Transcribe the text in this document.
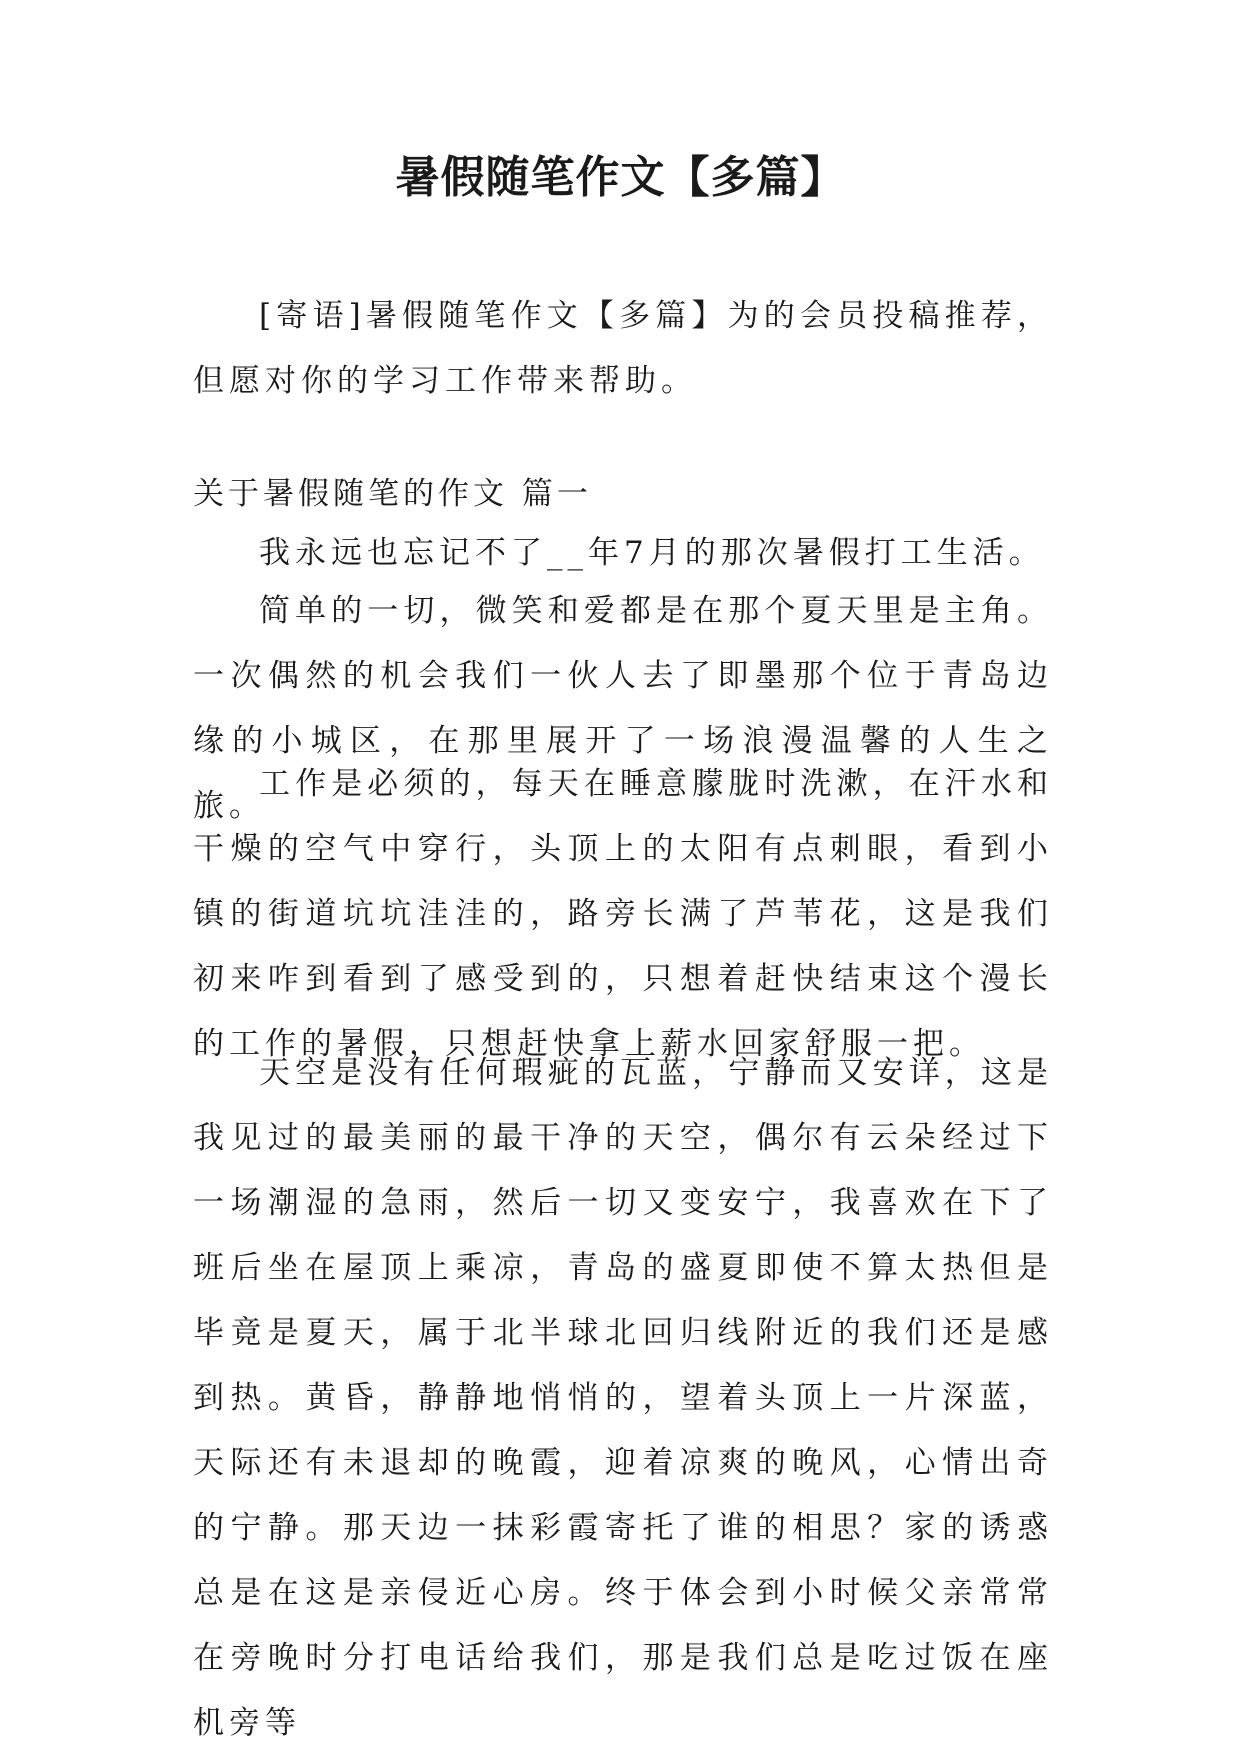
暑假随笔作文【多篇】

[寄语]暑假随笔作文【多篇】为的会员投稿推荐，但愿对你的学习工作带来帮助。

关于暑假随笔的作文 篇一

我永远也忘记不了__年7月的那次暑假打工生活。

简单的一切，微笑和爱都是在那个夏天里是主角。一次偶然的机会我们一伙人去了即墨那个位于青岛边缘的小城区，在那里展开了一场浪漫温馨的人生之旅。

工作是必须的，每天在睡意朦胧时洗漱，在汗水和干燥的空气中穿行，头顶上的太阳有点刺眼，看到小镇的街道坑坑洼洼的，路旁长满了芦苇花，这是我们初来咋到看到了感受到的，只想着赶快结束这个漫长的工作的暑假，只想赶快拿上薪水回家舒服一把。

天空是没有任何瑕疵的瓦蓝，宁静而又安详，这是我见过的最美丽的最干净的天空，偶尔有云朵经过下一场潮湿的急雨，然后一切又变安宁，我喜欢在下了班后坐在屋顶上乘凉，青岛的盛夏即使不算太热但是毕竟是夏天，属于北半球北回归线附近的我们还是感到热。黄昏，静静地悄悄的，望着头顶上一片深蓝，天际还有未退却的晚霞，迎着凉爽的晚风，心情出奇的宁静。那天边一抹彩霞寄托了谁的相思？家的诱惑总是在这是亲侵近心房。终于体会到小时候父亲常常在旁晚时分打电话给我们，那是我们总是吃过饭在座机旁等
